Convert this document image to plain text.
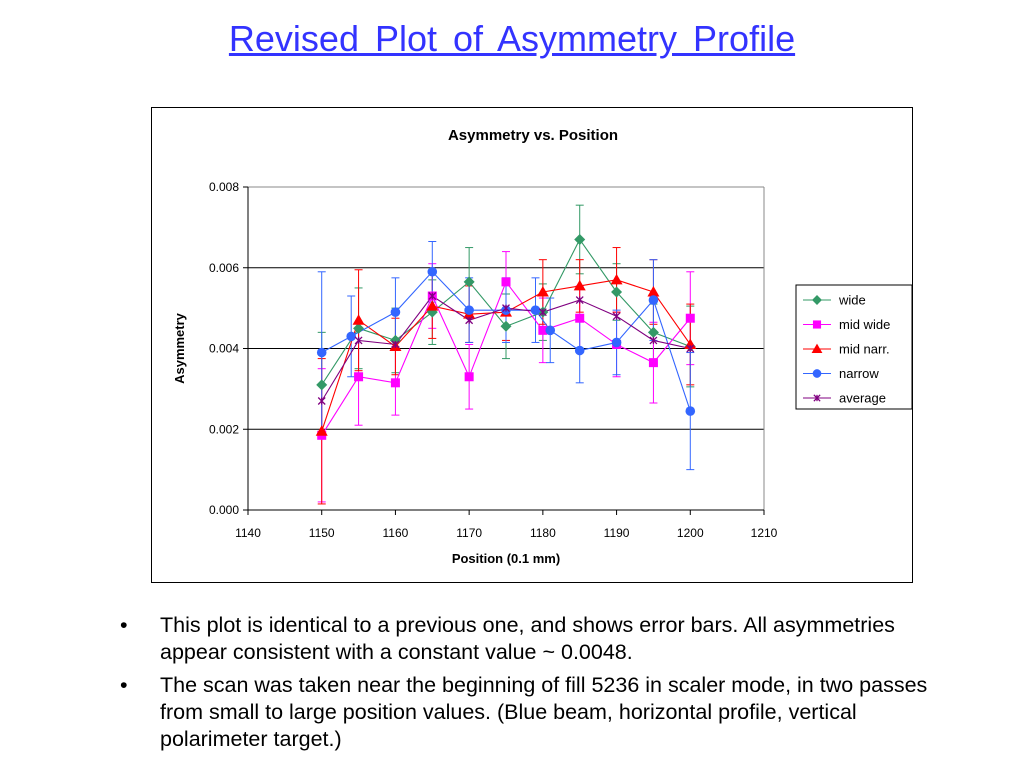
Revised Plot of Asymmetry Profile
Asymmetry vs. Position
0.000
0.002
0.004
0.006
0.008
1140	1150	1160	1170	1180	1190	1200	1210
Position (0.1 mm)
Asymmetry
wide
mid wide
mid narr.
narrow
average
• This plot is identical to a previous one, and shows error bars. All asymmetries appear consistent with a constant value ~ 0.0048.
• The scan was taken near the beginning of fill 5236 in scaler mode, in two passes from small to large position values. (Blue beam, horizontal profile, vertical polarimeter target.)
